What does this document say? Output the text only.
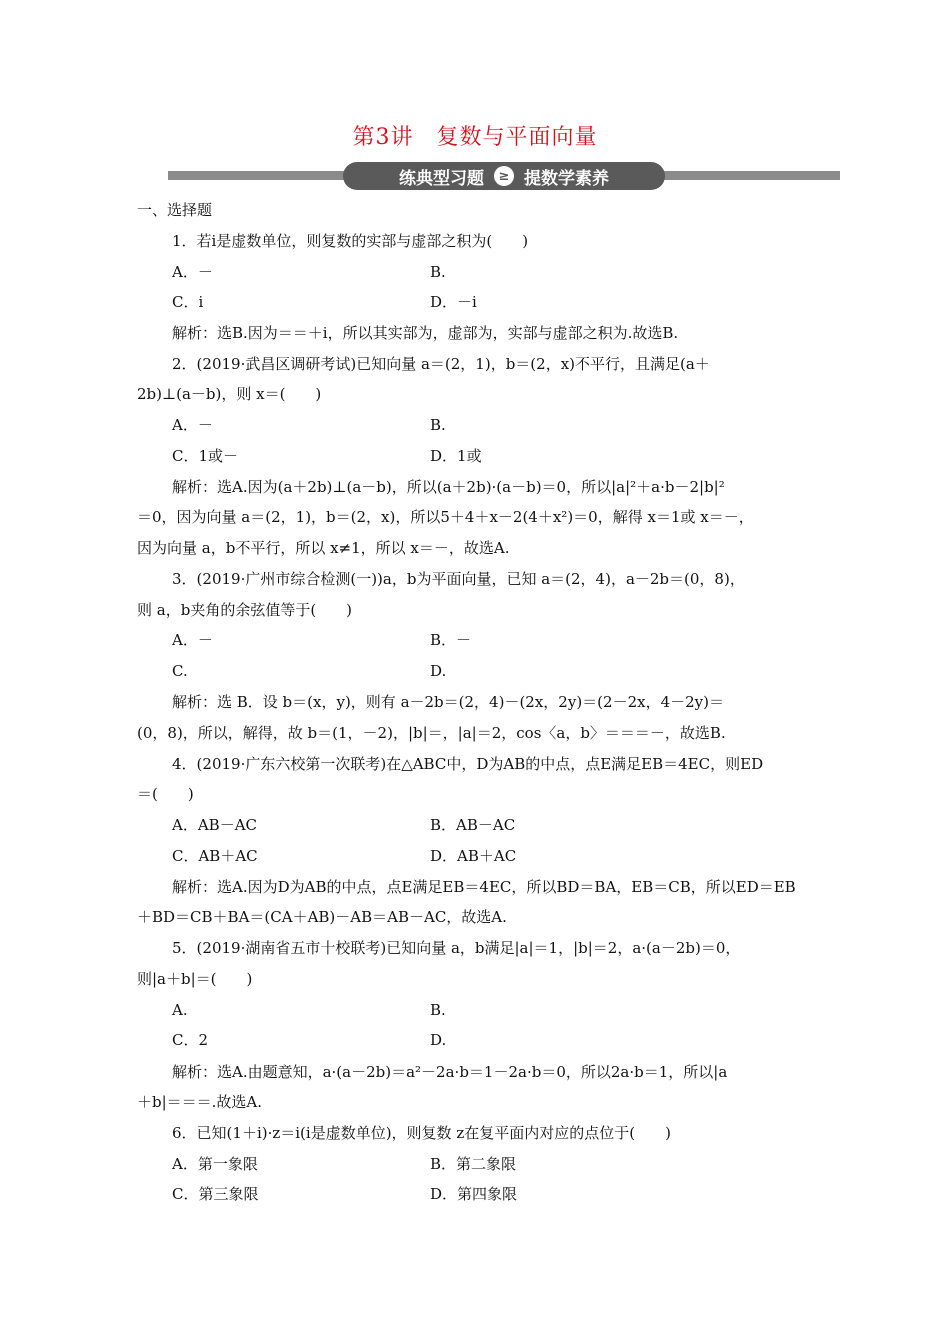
第3讲　复数与平面向量
练典型习题	≥ 提数学素养
一、选择题
1．若i是虚数单位，则复数的实部与虚部之积为(　　)
A．－	B.
C．i	D．－i
解析：选B.因为＝＝＋i，所以其实部为，虚部为，实部与虚部之积为.故选B.
2．(2019·武昌区调研考试)已知向量 a＝(2，1)，b＝(2，x)不平行，且满足(a＋
2b)⊥(a－b)，则 x＝(　　)
A．－	B.
C．1或－	D．1或
解析：选A.因为(a＋2b)⊥(a－b)，所以(a＋2b)·(a－b)＝0，所以|a|²＋a·b－2|b|²
＝0，因为向量 a＝(2，1)，b＝(2，x)，所以5＋4＋x－2(4＋x²)＝0，解得 x＝1或 x＝－，
因为向量 a，b不平行，所以 x≠1，所以 x＝－，故选A.
3．(2019·广州市综合检测(一))a，b为平面向量，已知 a＝(2，4)，a－2b＝(0，8)，
则 a，b夹角的余弦值等于(　　)
A．－	B．－
C.	D.
解析：选 B．设 b＝(x，y)，则有 a－2b＝(2，4)－(2x，2y)＝(2－2x，4－2y)＝
(0，8)，所以，解得，故 b＝(1，－2)，|b|＝，|a|＝2，cos〈a，b〉＝＝＝－，故选B.
4．(2019·广东六校第一次联考)在△ABC中，D为AB的中点，点E满足EB＝4EC，则ED
＝(　　)
A．AB－AC	B．AB－AC
C．AB＋AC	D．AB＋AC
解析：选A.因为D为AB的中点，点E满足EB＝4EC，所以BD＝BA，EB＝CB，所以ED＝EB
＋BD＝CB＋BA＝(CA＋AB)－AB＝AB－AC，故选A.
5．(2019·湖南省五市十校联考)已知向量 a，b满足|a|＝1，|b|＝2，a·(a－2b)＝0，
则|a＋b|＝(　　)
A.	B.
C．2	D.
解析：选A.由题意知，a·(a－2b)＝a²－2a·b＝1－2a·b＝0，所以2a·b＝1，所以|a
＋b|＝＝＝.故选A.
6．已知(1＋i)·z＝i(i是虚数单位)，则复数 z在复平面内对应的点位于(　　)
A．第一象限	B．第二象限
C．第三象限	D．第四象限
